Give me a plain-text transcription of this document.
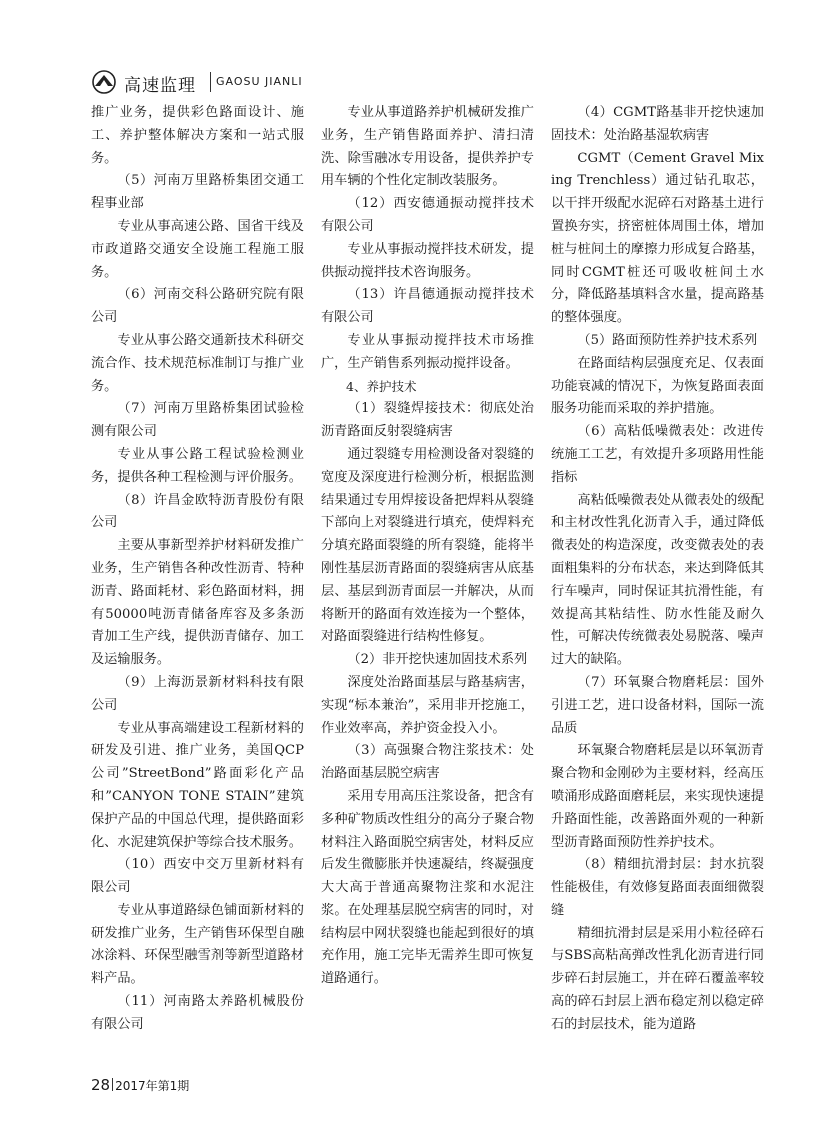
高速监理 GAOSU JIANLI

推广业务，提供彩色路面设计、施工、养护整体解决方案和一站式服务。

（5）河南万里路桥集团交通工程事业部

专业从事高速公路、国省干线及市政道路交通安全设施工程施工服务。

（6）河南交科公路研究院有限公司

专业从事公路交通新技术科研交流合作、技术规范标准制订与推广业务。

（7）河南万里路桥集团试验检测有限公司

专业从事公路工程试验检测业务，提供各种工程检测与评价服务。

（8）许昌金欧特沥青股份有限公司

主要从事新型养护材料研发推广业务，生产销售各种改性沥青、特种沥青、路面耗材、彩色路面材料，拥有50000吨沥青储备库容及多条沥青加工生产线，提供沥青储存、加工及运输服务。

（9）上海沥景新材料科技有限公司

专业从事高端建设工程新材料的研发及引进、推广业务，美国QCP公司”StreetBond”路面彩化产品和”CANYON TONE STAIN”建筑保护产品的中国总代理，提供路面彩化、水泥建筑保护等综合技术服务。

（10）西安中交万里新材料有限公司

专业从事道路绿色铺面新材料的研发推广业务，生产销售环保型自融冰涂料、环保型融雪剂等新型道路材料产品。

（11）河南路太养路机械股份有限公司

专业从事道路养护机械研发推广业务，生产销售路面养护、清扫清洗、除雪融冰专用设备，提供养护专用车辆的个性化定制改装服务。

（12）西安德通振动搅拌技术有限公司

专业从事振动搅拌技术研发，提供振动搅拌技术咨询服务。

（13）许昌德通振动搅拌技术有限公司

专业从事振动搅拌技术市场推广，生产销售系列振动搅拌设备。

4、养护技术

（1）裂缝焊接技术：彻底处治沥青路面反射裂缝病害

通过裂缝专用检测设备对裂缝的宽度及深度进行检测分析，根据监测结果通过专用焊接设备把焊料从裂缝下部向上对裂缝进行填充，使焊料充分填充路面裂缝的所有裂缝，能将半刚性基层沥青路面的裂缝病害从底基层、基层到沥青面层一并解决，从而将断开的路面有效连接为一个整体，对路面裂缝进行结构性修复。

（2）非开挖快速加固技术系列

深度处治路面基层与路基病害，实现“标本兼治”，采用非开挖施工，作业效率高，养护资金投入小。

（3）高强聚合物注浆技术：处治路面基层脱空病害

采用专用高压注浆设备，把含有多种矿物质改性组分的高分子聚合物材料注入路面脱空病害处，材料反应后发生微膨胀并快速凝结，终凝强度大大高于普通高聚物注浆和水泥注浆。在处理基层脱空病害的同时，对结构层中网状裂缝也能起到很好的填充作用，施工完毕无需养生即可恢复道路通行。

（4）CGMT路基非开挖快速加固技术：处治路基湿软病害

CGMT（Cement Gravel Mixing Trenchless）通过钻孔取芯，以干拌开级配水泥碎石对路基土进行置换夯实，挤密桩体周围土体，增加桩与桩间土的摩擦力形成复合路基，同时CGMT桩还可吸收桩间土水分，降低路基填料含水量，提高路基的整体强度。

（5）路面预防性养护技术系列

在路面结构层强度充足、仅表面功能衰减的情况下，为恢复路面表面服务功能而采取的养护措施。

（6）高粘低噪微表处：改进传统施工工艺，有效提升多项路用性能指标

高粘低噪微表处从微表处的级配和主材改性乳化沥青入手，通过降低微表处的构造深度，改变微表处的表面粗集料的分布状态，来达到降低其行车噪声，同时保证其抗滑性能，有效提高其粘结性、防水性能及耐久性，可解决传统微表处易脱落、噪声过大的缺陷。

（7）环氧聚合物磨耗层：国外引进工艺，进口设备材料，国际一流品质

环氧聚合物磨耗层是以环氧沥青聚合物和金刚砂为主要材料，经高压喷涌形成路面磨耗层，来实现快速提升路面性能，改善路面外观的一种新型沥青路面预防性养护技术。

（8）精细抗滑封层：封水抗裂性能极佳，有效修复路面表面细微裂缝

精细抗滑封层是采用小粒径碎石与SBS高粘高弹改性乳化沥青进行同步碎石封层施工，并在碎石覆盖率较高的碎石封层上洒布稳定剂以稳定碎石的封层技术，能为道路

28 2017年第1期
